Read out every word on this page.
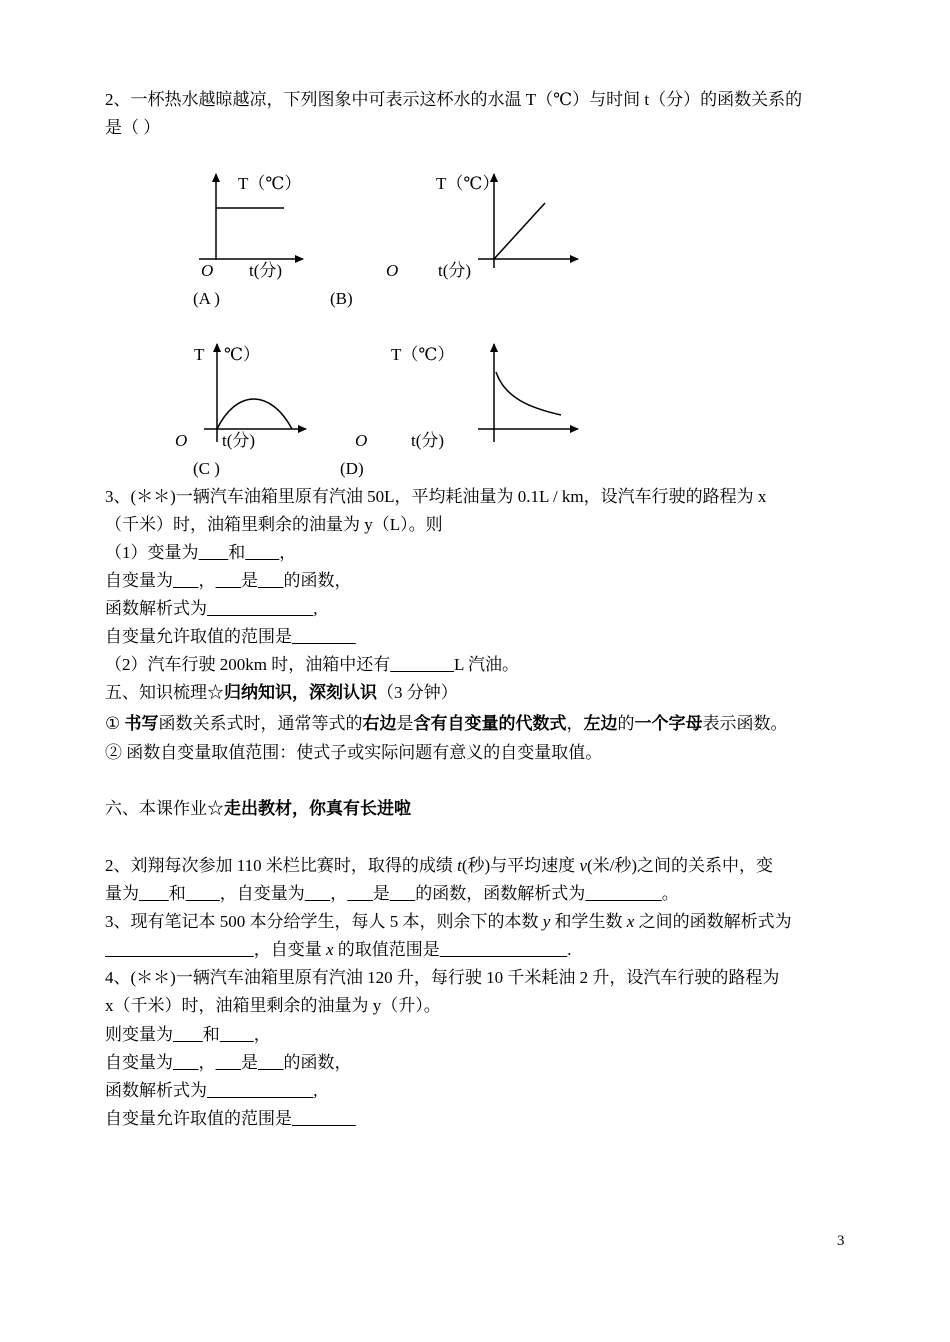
2、一杯热水越晾越凉，下列图象中可表示这杯水的水温 T（℃）与时间 t（分）的函数关系的
是（ ）
T（℃）
O t(分)
(A )
T（℃）
O t(分)
(B)
T ℃）
O t(分)
(C )
T（℃）
O	t(分)
(D)
3、(＊＊)一辆汽车油箱里原有汽油 50L，平均耗油量为 0.1L / km，设汽车行驶的路程为 x
（千米）时，油箱里剩余的油量为 y（L）。则
（1）变量为 和 ，
自变量为 ， 是 的函数，
函数解析式为	,
自变量允许取值的范围是
（2）汽车行驶 200km 时，油箱中还有	L 汽油。
五、知识梳理☆归纳知识，深刻认识（3 分钟）
① 书写函数关系式时，通常等式的右边是含有自变量的代数式，左边的一个字母表示函数。
② 函数自变量取值范围：使式子或实际问题有意义的自变量取值。
六、本课作业☆走出教材，你真有长进啦
2、刘翔每次参加 110 米栏比赛时，取得的成绩 t(秒)与平均速度 v(米/秒)之间的关系中，变
量为 和 ，自变量为 ， 是 的函数，函数解析式为	。
3、现有笔记本 500 本分给学生，每人 5 本，则余下的本数 y 和学生数 x 之间的函数解析式为
，自变量 x 的取值范围是	.
4、(＊＊)一辆汽车油箱里原有汽油 120 升，每行驶 10 千米耗油 2 升，设汽车行驶的路程为
x（千米）时，油箱里剩余的油量为 y（升）。
则变量为 和 ，
自变量为 ， 是 的函数，
函数解析式为	,
自变量允许取值的范围是
3
